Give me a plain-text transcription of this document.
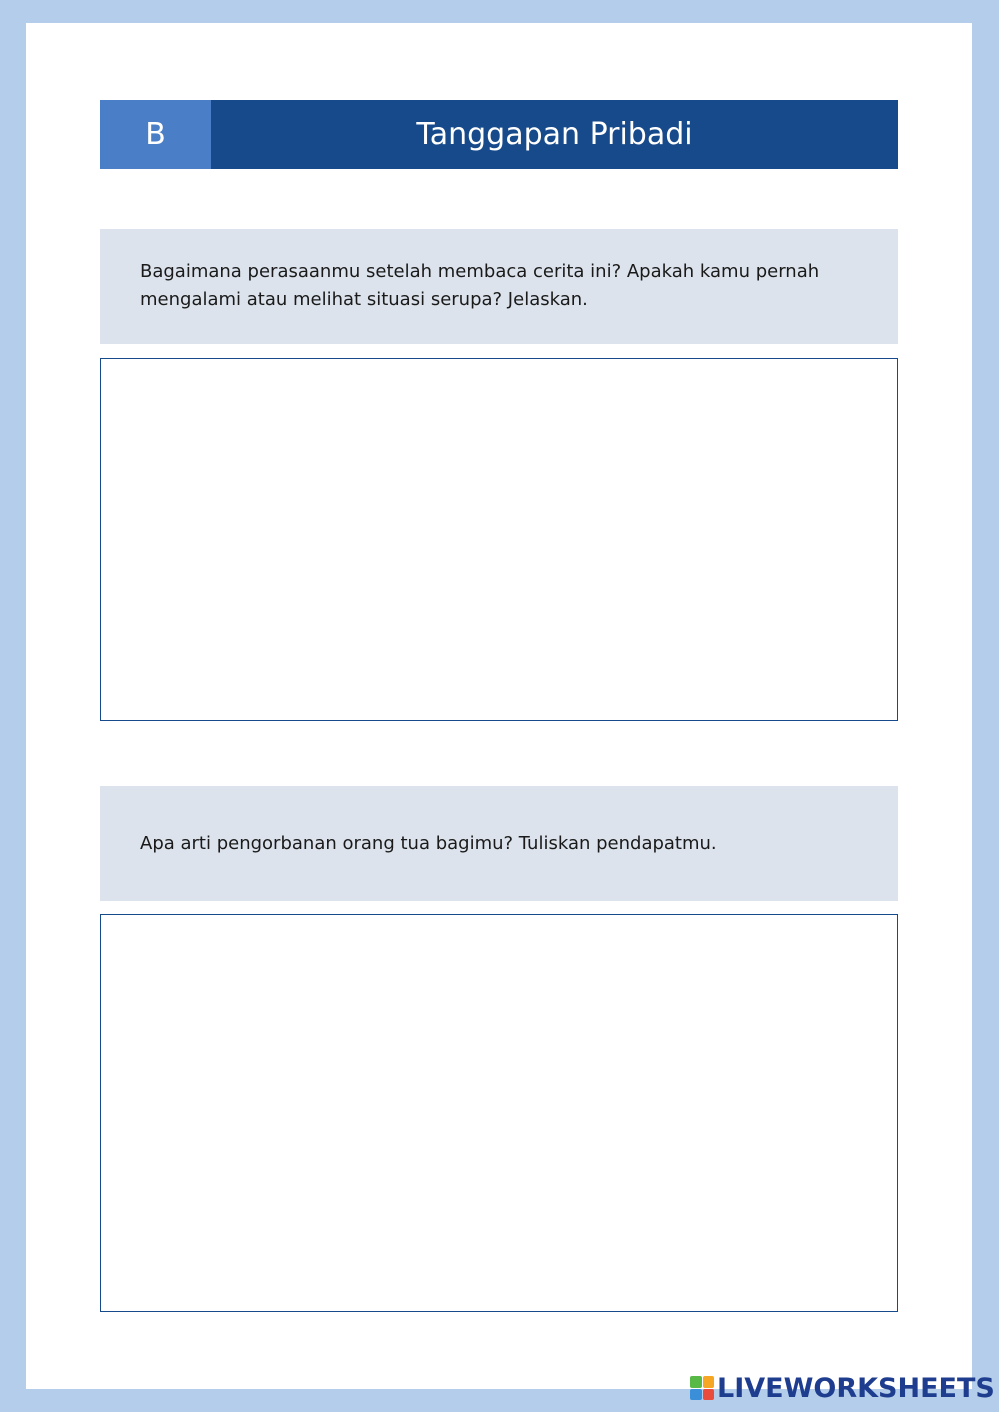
B	Tanggapan Pribadi
Bagaimana perasaanmu setelah membaca cerita ini? Apakah kamu pernah mengalami atau melihat situasi serupa? Jelaskan.
Apa arti pengorbanan orang tua bagimu? Tuliskan pendapatmu.
LIVEWORKSHEETS
